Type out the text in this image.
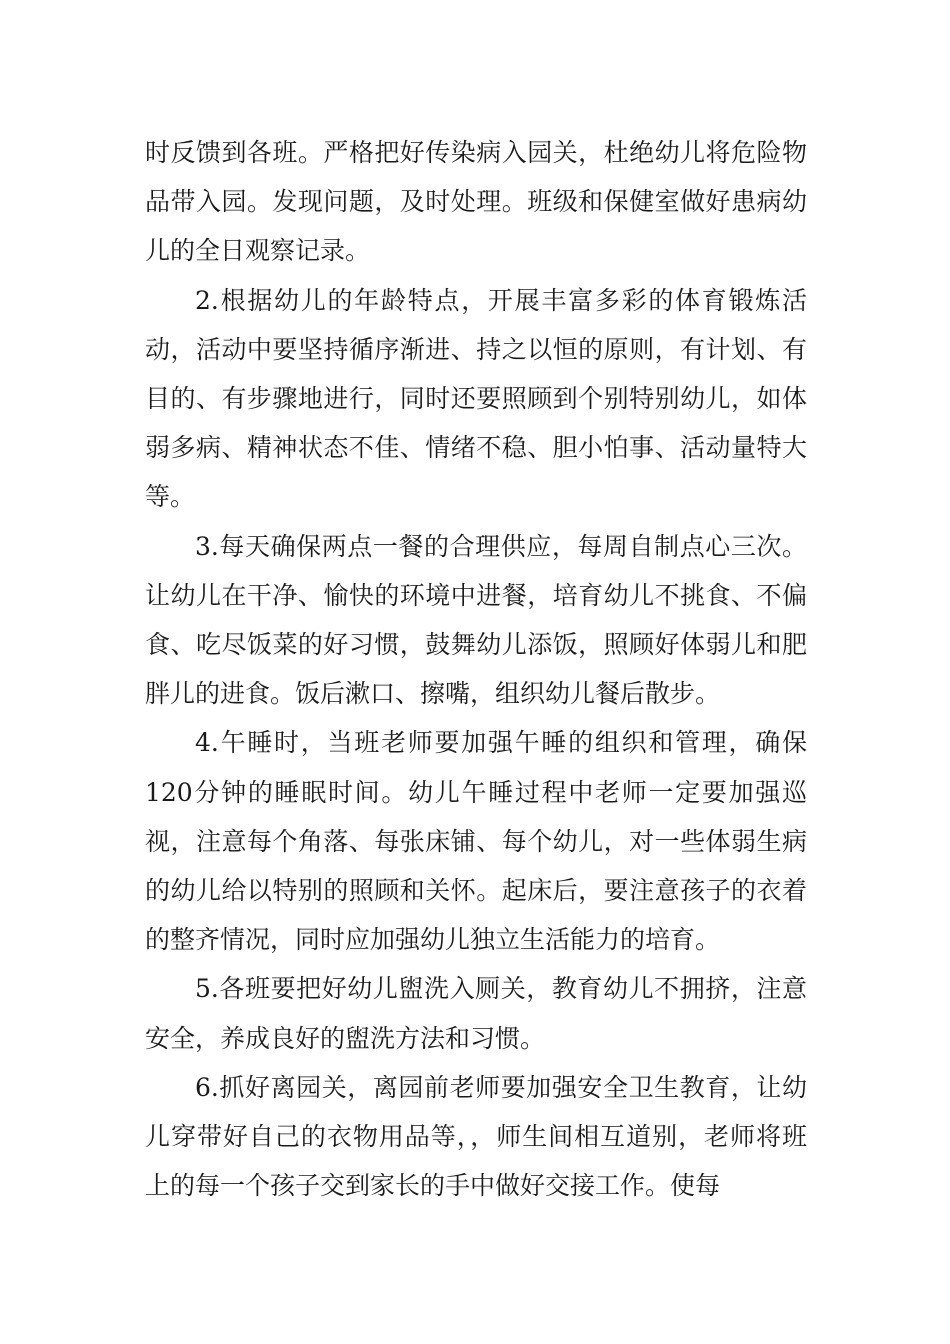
时反馈到各班。严格把好传染病入园关，杜绝幼儿将危险物品带入园。发现问题，及时处理。班级和保健室做好患病幼儿的全日观察记录。

2.根据幼儿的年龄特点，开展丰富多彩的体育锻炼活动，活动中要坚持循序渐进、持之以恒的原则，有计划、有目的、有步骤地进行，同时还要照顾到个别特别幼儿，如体弱多病、精神状态不佳、情绪不稳、胆小怕事、活动量特大等。

3.每天确保两点一餐的合理供应，每周自制点心三次。让幼儿在干净、愉快的环境中进餐，培育幼儿不挑食、不偏食、吃尽饭菜的好习惯，鼓舞幼儿添饭，照顾好体弱儿和肥胖儿的进食。饭后漱口、擦嘴，组织幼儿餐后散步。

4.午睡时，当班老师要加强午睡的组织和管理，确保120分钟的睡眠时间。幼儿午睡过程中老师一定要加强巡视，注意每个角落、每张床铺、每个幼儿，对一些体弱生病的幼儿给以特别的照顾和关怀。起床后，要注意孩子的衣着的整齐情况，同时应加强幼儿独立生活能力的培育。

5.各班要把好幼儿盥洗入厕关，教育幼儿不拥挤，注意安全，养成良好的盥洗方法和习惯。

6.抓好离园关，离园前老师要加强安全卫生教育，让幼儿穿带好自己的衣物用品等，，师生间相互道别，老师将班上的每一个孩子交到家长的手中做好交接工作。使每
